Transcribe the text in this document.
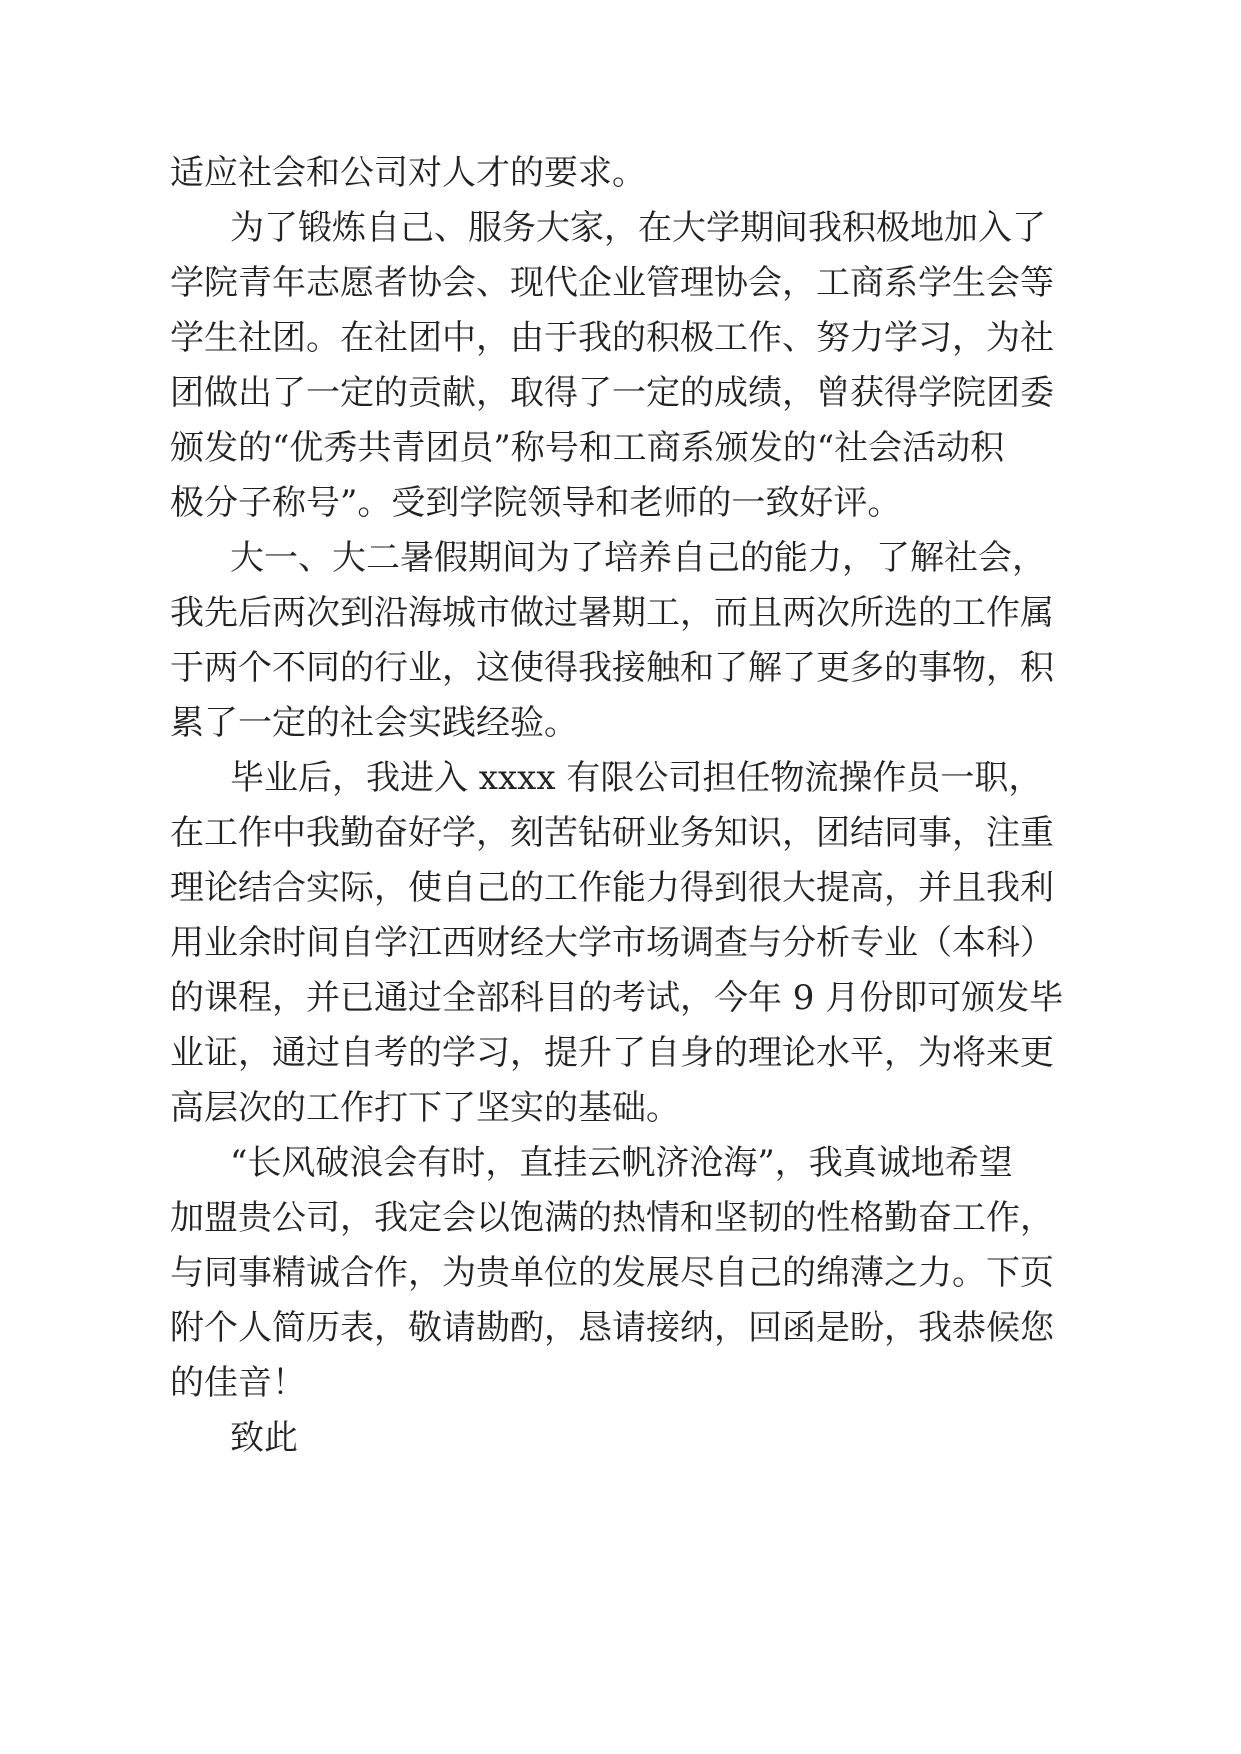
适应社会和公司对人才的要求。
为了锻炼自己、服务大家，在大学期间我积极地加入了
学院青年志愿者协会、现代企业管理协会，工商系学生会等
学生社团。在社团中，由于我的积极工作、努力学习，为社
团做出了一定的贡献，取得了一定的成绩，曾获得学院团委
颁发的“优秀共青团员”称号和工商系颁发的“社会活动积
极分子称号”。受到学院领导和老师的一致好评。
大一、大二暑假期间为了培养自己的能力，了解社会，
我先后两次到沿海城市做过暑期工，而且两次所选的工作属
于两个不同的行业，这使得我接触和了解了更多的事物，积
累了一定的社会实践经验。
毕业后，我进入 xxxx 有限公司担任物流操作员一职，
在工作中我勤奋好学，刻苦钻研业务知识，团结同事，注重
理论结合实际，使自己的工作能力得到很大提高，并且我利
用业余时间自学江西财经大学市场调查与分析专业（本科）
的课程，并已通过全部科目的考试，今年 9 月份即可颁发毕
业证，通过自考的学习，提升了自身的理论水平，为将来更
高层次的工作打下了坚实的基础。
“长风破浪会有时，直挂云帆济沧海”，我真诚地希望
加盟贵公司，我定会以饱满的热情和坚韧的性格勤奋工作，
与同事精诚合作，为贵单位的发展尽自己的绵薄之力。下页
附个人简历表，敬请勘酌，恳请接纳，回函是盼，我恭候您
的佳音！
致此
